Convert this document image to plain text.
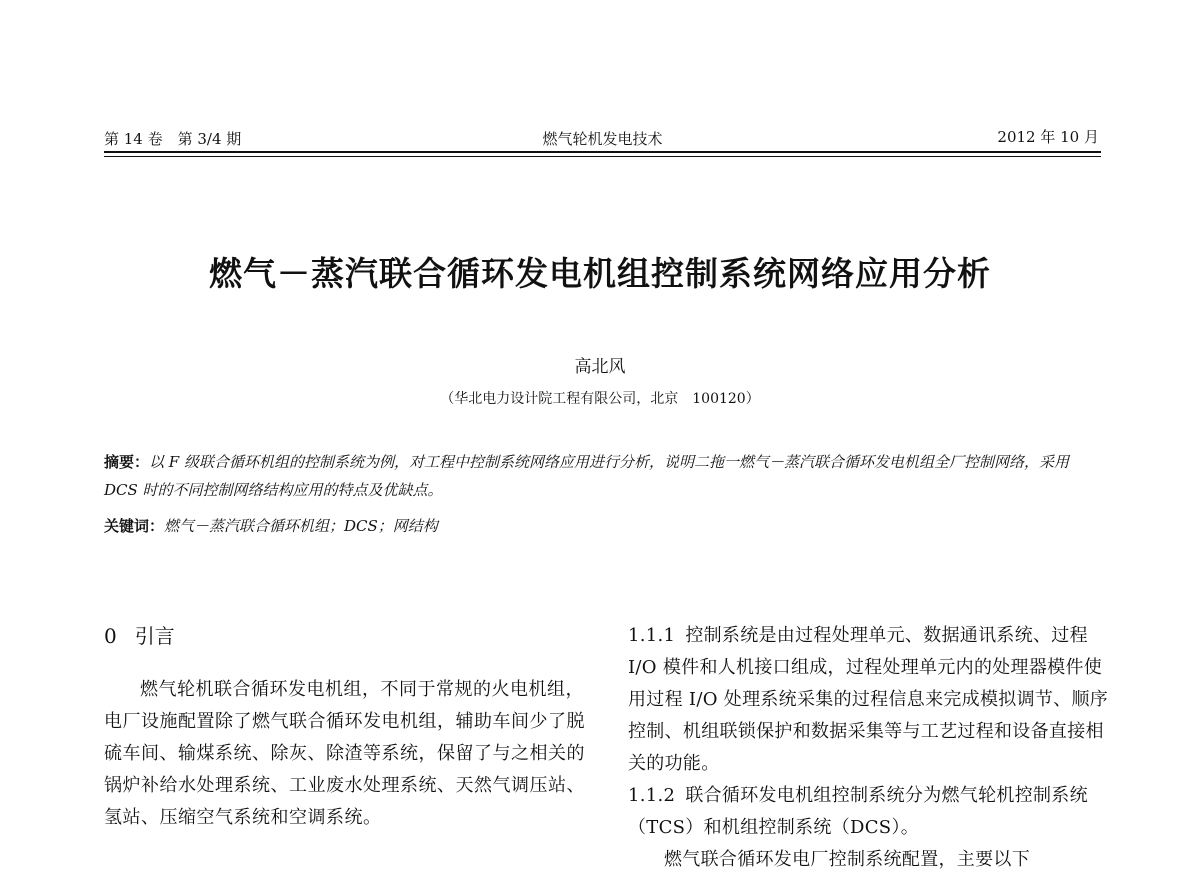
第 14 卷　第 3/4 期	燃气轮机发电技术	2012 年 10 月
燃气－蒸汽联合循环发电机组控制系统网络应用分析
高北风
（华北电力设计院工程有限公司，北京　100120）
摘要：以 F 级联合循环机组的控制系统为例，对工程中控制系统网络应用进行分析，说明二拖一燃气－蒸汽联合循环发电机组全厂控制网络，采用 DCS 时的不同控制网络结构应用的特点及优缺点。
关键词：燃气－蒸汽联合循环机组；DCS；网结构
0 引言
燃气轮机联合循环发电机组，不同于常规的火电机组，电厂设施配置除了燃气联合循环发电机组，辅助车间少了脱硫车间、输煤系统、除灰、除渣等系统，保留了与之相关的锅炉补给水处理系统、工业废水处理系统、天然气调压站、氢站、压缩空气系统和空调系统。
1.1.1 控制系统是由过程处理单元、数据通讯系统、过程 I/O 模件和人机接口组成，过程处理单元内的处理器模件使用过程 I/O 处理系统采集的过程信息来完成模拟调节、顺序控制、机组联锁保护和数据采集等与工艺过程和设备直接相关的功能。
1.1.2 联合循环发电机组控制系统分为燃气轮机控制系统（TCS）和机组控制系统（DCS）。
燃气联合循环发电厂控制系统配置，主要以下
